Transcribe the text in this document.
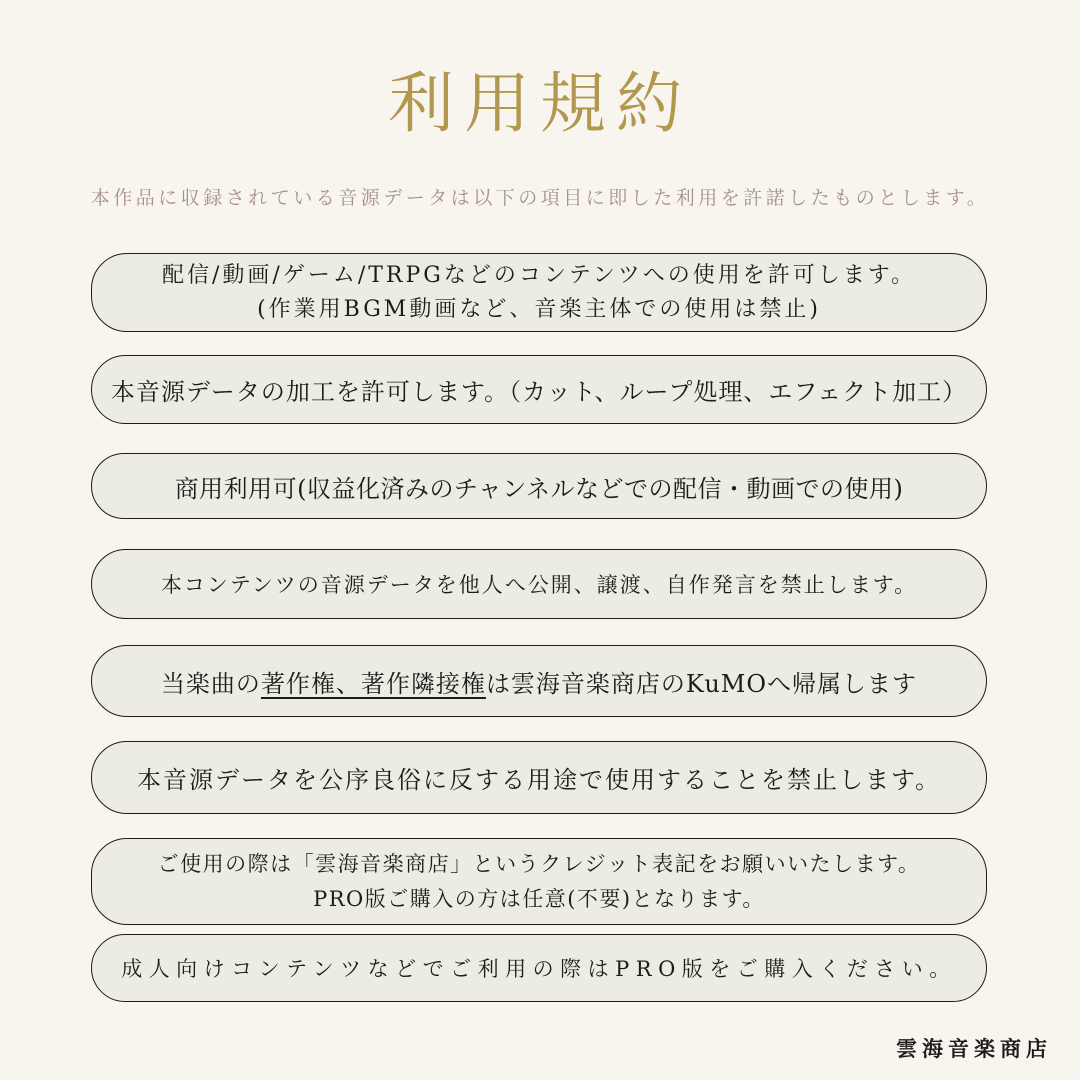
利用規約

本作品に収録されている音源データは以下の項目に即した利用を許諾したものとします。

配信/動画/ゲーム/TRPGなどのコンテンツへの使用を許可します。

(作業用BGM動画など、音楽主体での使用は禁止)

本音源データの加工を許可します。（カット、ループ処理、エフェクト加工）

商用利用可(収益化済みのチャンネルなどでの配信・動画での使用)

本コンテンツの音源データを他人へ公開、譲渡、自作発言を禁止します。

当楽曲の著作権、著作隣接権は雲海音楽商店のKuMOへ帰属します

本音源データを公序良俗に反する用途で使用することを禁止します。

ご使用の際は「雲海音楽商店」というクレジット表記をお願いいたします。

PRO版ご購入の方は任意(不要)となります。

成人向けコンテンツなどでご利用の際はPRO版をご購入ください。

雲海音楽商店
